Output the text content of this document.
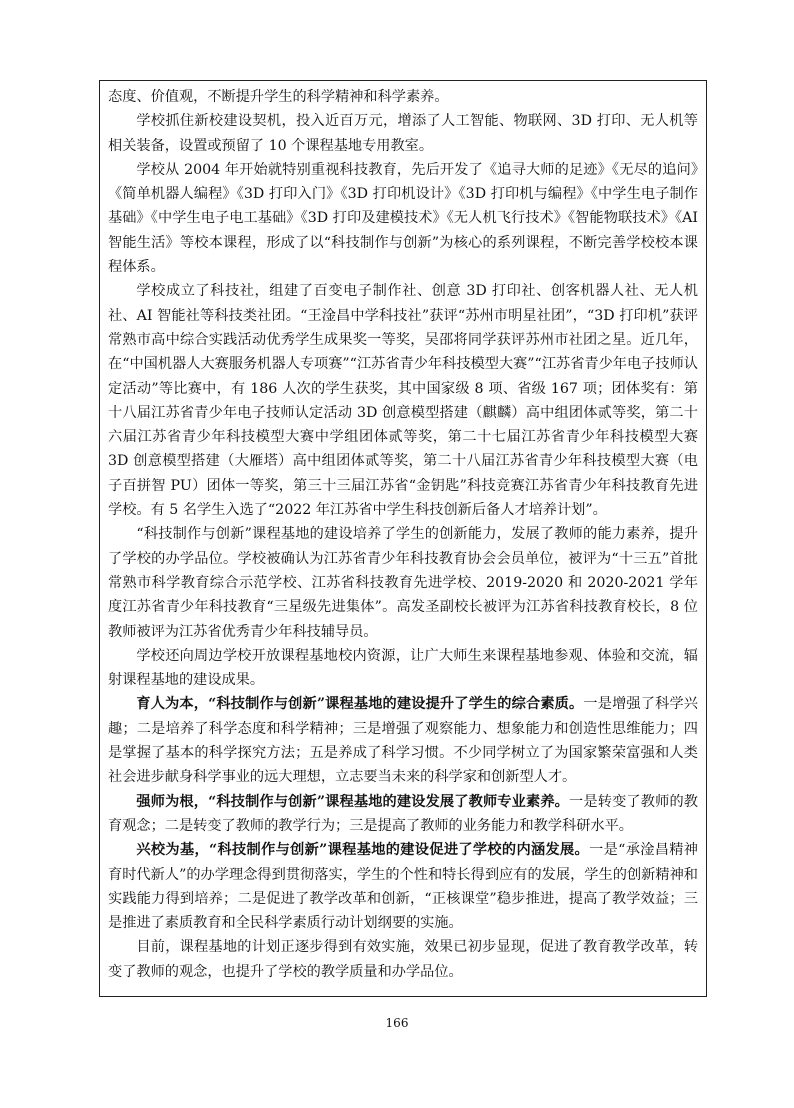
态度、价值观，不断提升学生的科学精神和科学素养。

学校抓住新校建设契机，投入近百万元，增添了人工智能、物联网、3D 打印、无人机等相关装备，设置或预留了 10 个课程基地专用教室。

学校从 2004 年开始就特别重视科技教育，先后开发了《追寻大师的足迹》《无尽的追问》《简单机器人编程》《3D 打印入门》《3D 打印机设计》《3D 打印机与编程》《中学生电子制作基础》《中学生电子电工基础》《3D 打印及建模技术》《无人机飞行技术》《智能物联技术》《AI 智能生活》等校本课程，形成了以“科技制作与创新”为核心的系列课程，不断完善学校校本课程体系。

学校成立了科技社，组建了百变电子制作社、创意 3D 打印社、创客机器人社、无人机社、AI 智能社等科技类社团。“王淦昌中学科技社”获评“苏州市明星社团”，“3D 打印机”获评常熟市高中综合实践活动优秀学生成果奖一等奖，吴邵将同学获评苏州市社团之星。近几年，在“中国机器人大赛服务机器人专项赛”“江苏省青少年科技模型大赛”“江苏省青少年电子技师认定活动”等比赛中，有 186 人次的学生获奖，其中国家级 8 项、省级 167 项；团体奖有：第十八届江苏省青少年电子技师认定活动 3D 创意模型搭建（麒麟）高中组团体贰等奖，第二十六届江苏省青少年科技模型大赛中学组团体贰等奖，第二十七届江苏省青少年科技模型大赛 3D 创意模型搭建（大雁塔）高中组团体贰等奖，第二十八届江苏省青少年科技模型大赛（电子百拼智 PU）团体一等奖，第三十三届江苏省“金钥匙”科技竞赛江苏省青少年科技教育先进学校。有 5 名学生入选了“2022 年江苏省中学生科技创新后备人才培养计划”。

“科技制作与创新”课程基地的建设培养了学生的创新能力，发展了教师的能力素养，提升了学校的办学品位。学校被确认为江苏省青少年科技教育协会会员单位，被评为“十三五”首批常熟市科学教育综合示范学校、江苏省科技教育先进学校、2019-2020 和 2020-2021 学年度江苏省青少年科技教育“三星级先进集体”。高发圣副校长被评为江苏省科技教育校长，8 位教师被评为江苏省优秀青少年科技辅导员。

学校还向周边学校开放课程基地校内资源，让广大师生来课程基地参观、体验和交流，辐射课程基地的建设成果。

育人为本，“科技制作与创新”课程基地的建设提升了学生的综合素质。一是增强了科学兴趣；二是培养了科学态度和科学精神；三是增强了观察能力、想象能力和创造性思维能力；四是掌握了基本的科学探究方法；五是养成了科学习惯。不少同学树立了为国家繁荣富强和人类社会进步献身科学事业的远大理想，立志要当未来的科学家和创新型人才。

强师为根，“科技制作与创新”课程基地的建设发展了教师专业素养。一是转变了教师的教育观念；二是转变了教师的教学行为；三是提高了教师的业务能力和教学科研水平。

兴校为基，“科技制作与创新”课程基地的建设促进了学校的内涵发展。一是“承淦昌精神 育时代新人”的办学理念得到贯彻落实，学生的个性和特长得到应有的发展，学生的创新精神和实践能力得到培养；二是促进了教学改革和创新，“正核课堂”稳步推进，提高了教学效益；三是推进了素质教育和全民科学素质行动计划纲要的实施。

目前，课程基地的计划正逐步得到有效实施，效果已初步显现，促进了教育教学改革，转变了教师的观念，也提升了学校的教学质量和办学品位。

166
